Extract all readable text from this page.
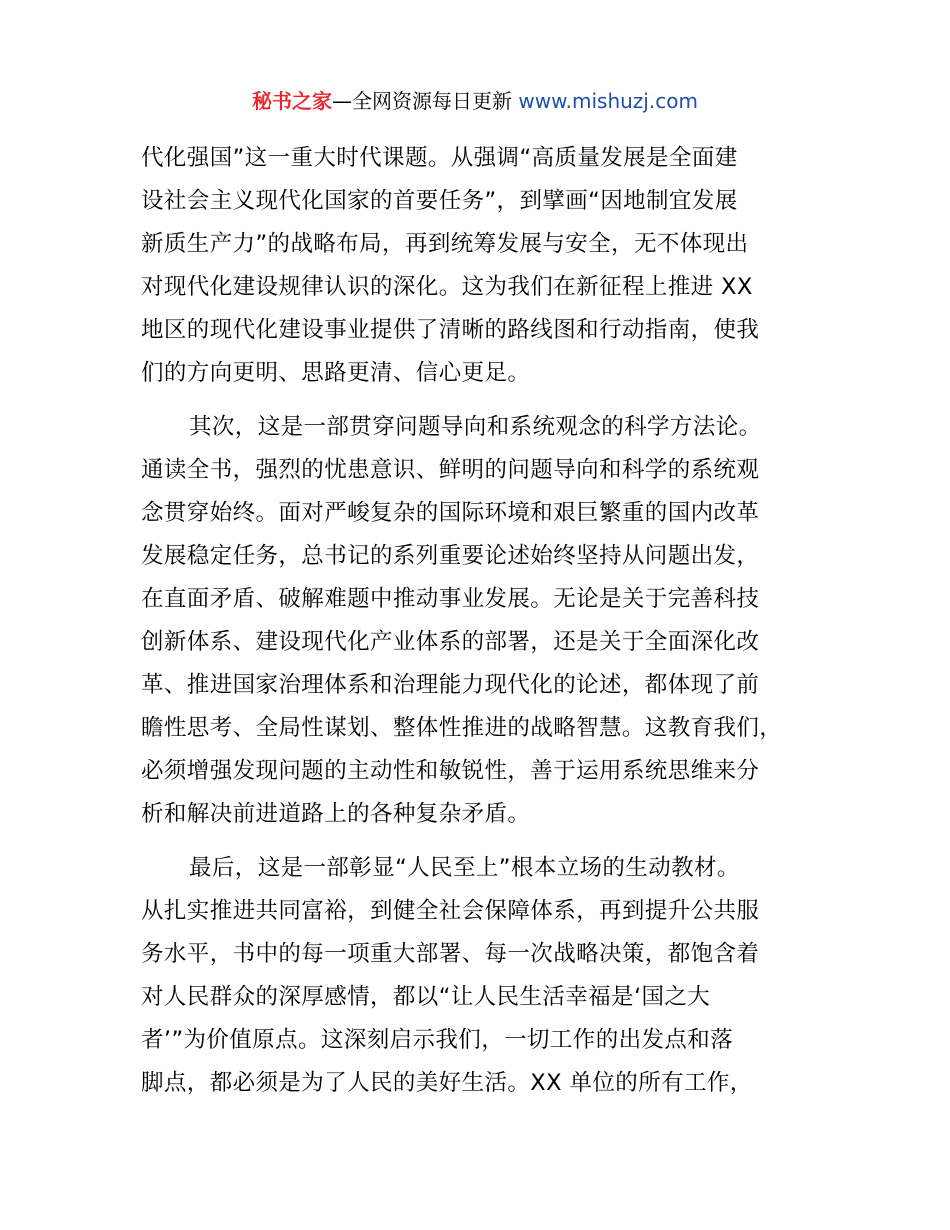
秘书之家—全网资源每日更新 www.mishuzj.com
代化强国”这一重大时代课题。从强调“高质量发展是全面建
设社会主义现代化国家的首要任务”，到擘画“因地制宜发展
新质生产力”的战略布局，再到统筹发展与安全，无不体现出
对现代化建设规律认识的深化。这为我们在新征程上推进 XX
地区的现代化建设事业提供了清晰的路线图和行动指南，使我
们的方向更明、思路更清、信心更足。
其次，这是一部贯穿问题导向和系统观念的科学方法论。
通读全书，强烈的忧患意识、鲜明的问题导向和科学的系统观
念贯穿始终。面对严峻复杂的国际环境和艰巨繁重的国内改革
发展稳定任务，总书记的系列重要论述始终坚持从问题出发，
在直面矛盾、破解难题中推动事业发展。无论是关于完善科技
创新体系、建设现代化产业体系的部署，还是关于全面深化改
革、推进国家治理体系和治理能力现代化的论述，都体现了前
瞻性思考、全局性谋划、整体性推进的战略智慧。这教育我们，
必须增强发现问题的主动性和敏锐性，善于运用系统思维来分
析和解决前进道路上的各种复杂矛盾。
最后，这是一部彰显“人民至上”根本立场的生动教材。
从扎实推进共同富裕，到健全社会保障体系，再到提升公共服
务水平，书中的每一项重大部署、每一次战略决策，都饱含着
对人民群众的深厚感情，都以“让人民生活幸福是‘国之大
者’”为价值原点。这深刻启示我们，一切工作的出发点和落
脚点，都必须是为了人民的美好生活。XX 单位的所有工作，
